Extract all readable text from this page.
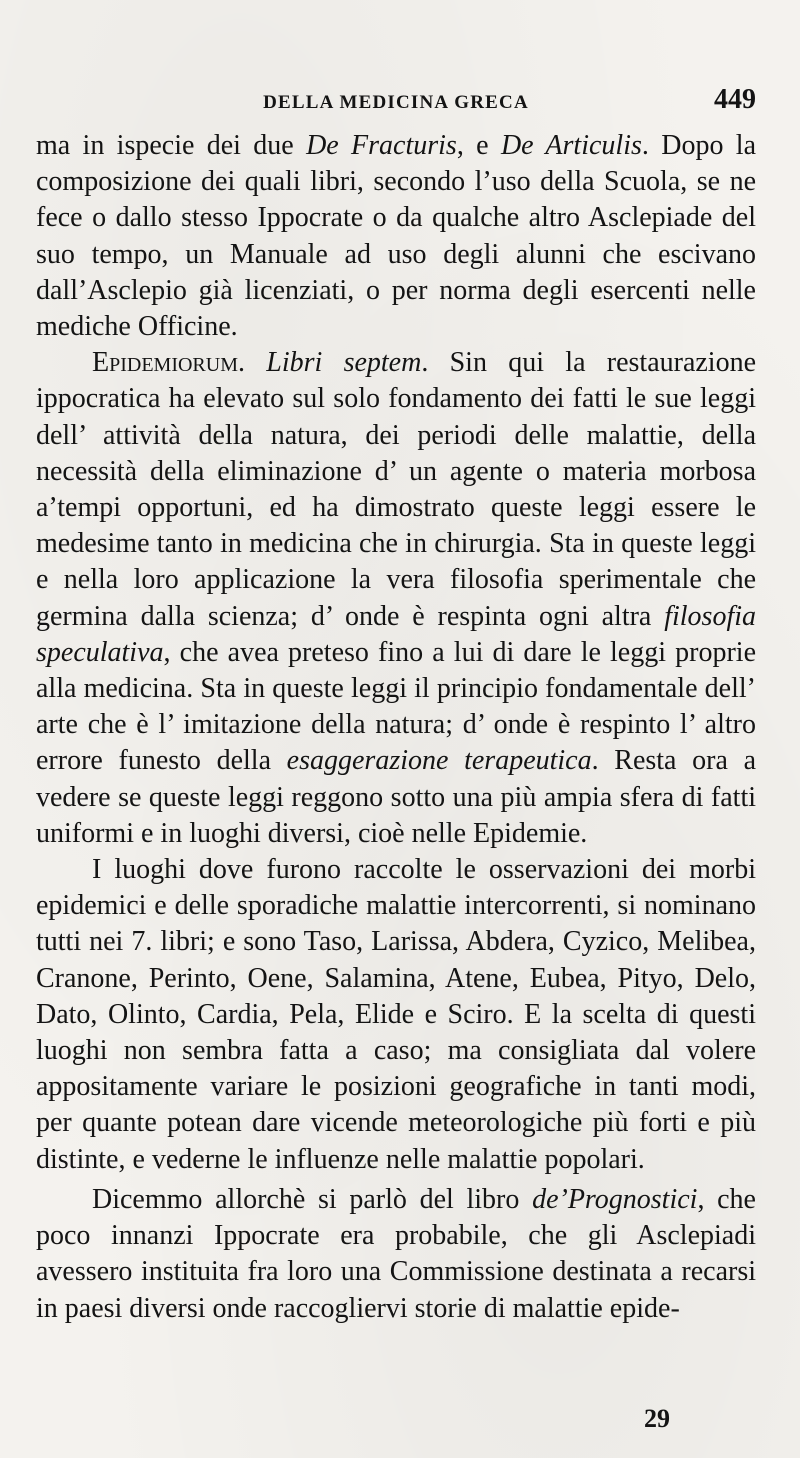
DELLA MEDICINA GRECA	449

ma in ispecie dei due De Fracturis, e De Articulis. Dopo la composizione dei quali libri, secondo l’uso della Scuola, se ne fece o dallo stesso Ippocrate o da qualche altro Asclepiade del suo tempo, un Manuale ad uso degli alunni che escivano dall’Asclepio già licenziati, o per norma degli esercenti nelle mediche Officine.

Epidemiorum. Libri septem. Sin qui la restaurazione ippocratica ha elevato sul solo fondamento dei fatti le sue leggi dell’ attività della natura, dei periodi delle malattie, della necessità della eliminazione d’ un agente o materia morbosa a’tempi opportuni, ed ha dimostrato queste leggi essere le medesime tanto in medicina che in chirurgia. Sta in queste leggi e nella loro applicazione la vera filosofia sperimentale che germina dalla scienza; d’ onde è respinta ogni altra filosofia speculativa, che avea preteso fino a lui di dare le leggi proprie alla medicina. Sta in queste leggi il principio fondamentale dell’ arte che è l’ imitazione della natura; d’ onde è respinto l’ altro errore funesto della esaggerazione terapeutica. Resta ora a vedere se queste leggi reggono sotto una più ampia sfera di fatti uniformi e in luoghi diversi, cioè nelle Epidemie.

I luoghi dove furono raccolte le osservazioni dei morbi epidemici e delle sporadiche malattie intercorrenti, si nominano tutti nei 7. libri; e sono Taso, Larissa, Abdera, Cyzico, Melibea, Cranone, Perinto, Oene, Salamina, Atene, Eubea, Pityo, Delo, Dato, Olinto, Cardia, Pela, Elide e Sciro. E la scelta di questi luoghi non sembra fatta a caso; ma consigliata dal volere appositamente variare le posizioni geografiche in tanti modi, per quante potean dare vicende meteorologiche più forti e più distinte, e vederne le influenze nelle malattie popolari.

Dicemmo allorchè si parlò del libro de’Prognostici, che poco innanzi Ippocrate era probabile, che gli Asclepiadi avessero instituita fra loro una Commissione destinata a recarsi in paesi diversi onde raccogliervi storie di malattie epide-

29
